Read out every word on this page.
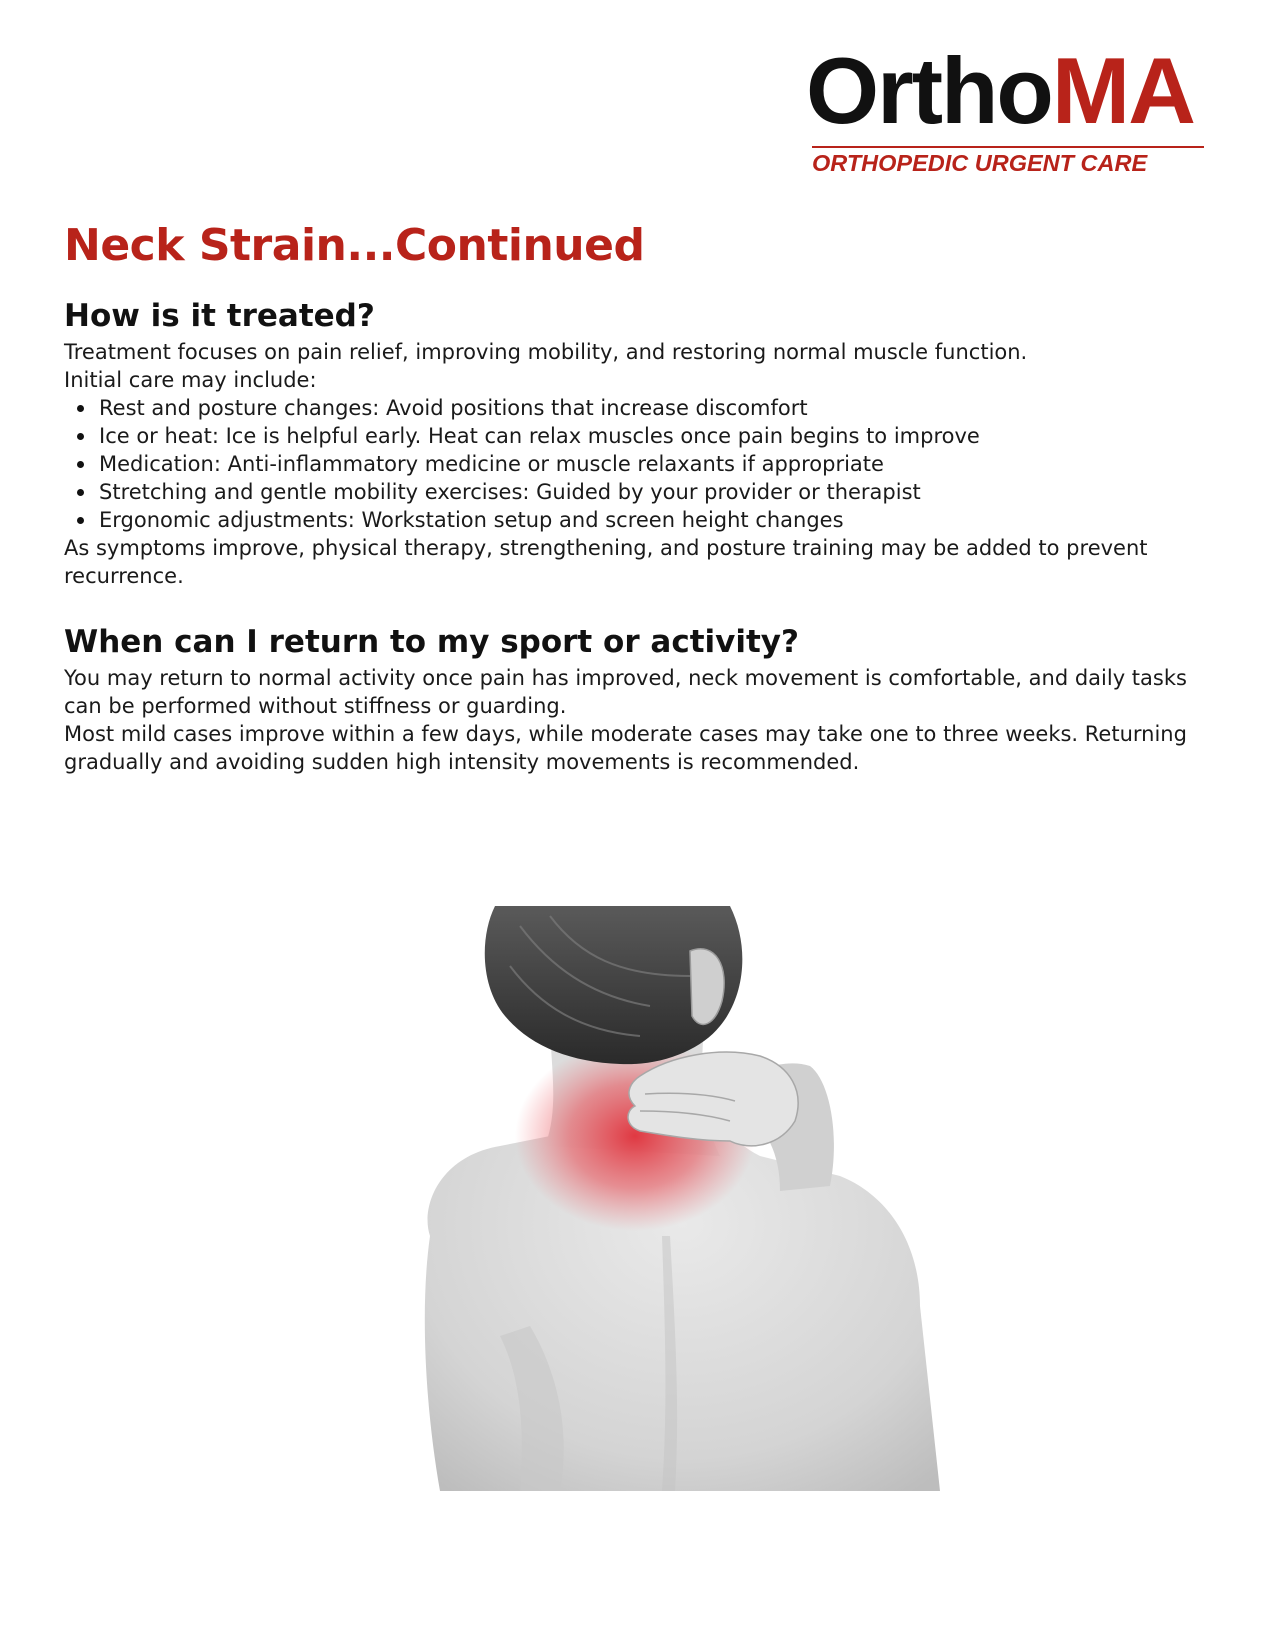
OrthoMA
ORTHOPEDIC URGENT CARE
Neck Strain...Continued
How is it treated?

Treatment focuses on pain relief, improving mobility, and restoring normal muscle function.

Initial care may include:

Rest and posture changes: Avoid positions that increase discomfort
Ice or heat: Ice is helpful early. Heat can relax muscles once pain begins to improve
Medication: Anti-inflammatory medicine or muscle relaxants if appropriate
Stretching and gentle mobility exercises: Guided by your provider or therapist
Ergonomic adjustments: Workstation setup and screen height changes

As symptoms improve, physical therapy, strengthening, and posture training may be added to prevent recurrence.

When can I return to my sport or activity?

You may return to normal activity once pain has improved, neck movement is comfortable, and daily tasks can be performed without stiffness or guarding.

Most mild cases improve within a few days, while moderate cases may take one to three weeks. Returning gradually and avoiding sudden high intensity movements is recommended.
